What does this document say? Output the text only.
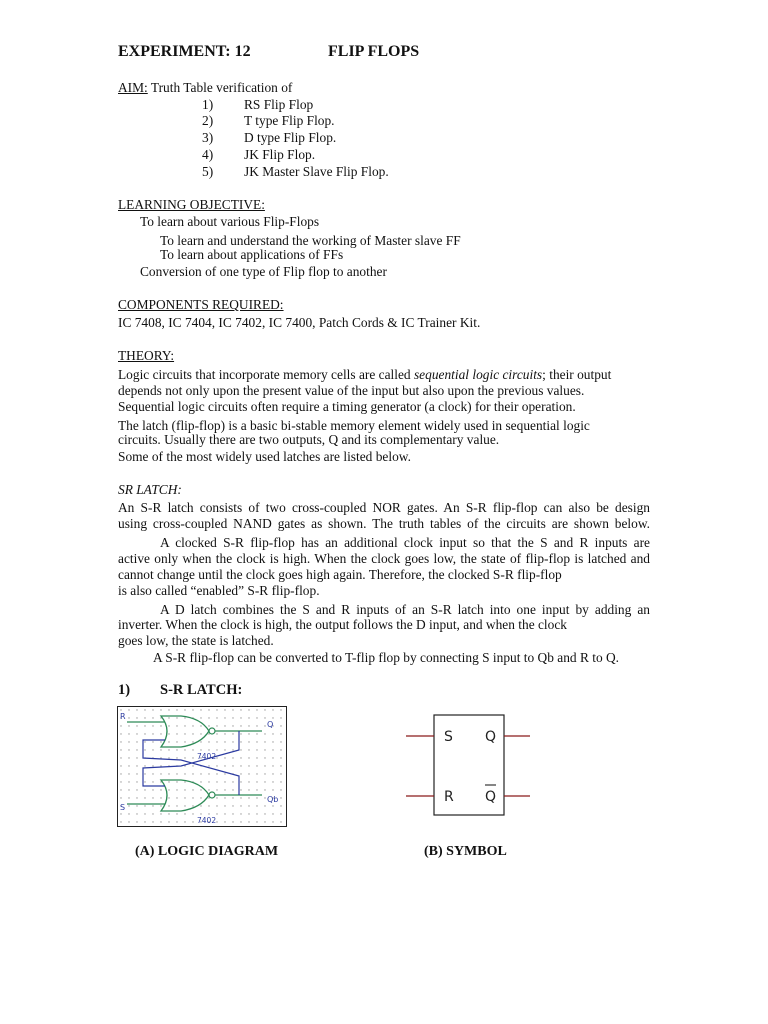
EXPERIMENT: 12	FLIP FLOPS
AIM: Truth Table verification of
1) RS Flip Flop
2) T type Flip Flop.
3) D type Flip Flop.
4) JK Flip Flop.
5) JK Master Slave Flip Flop.
LEARNING OBJECTIVE:
To learn about various Flip-Flops
To learn and understand the working of Master slave FF
To learn about applications of FFs
Conversion of one type of Flip flop to another
COMPONENTS REQUIRED:
IC 7408, IC 7404, IC 7402, IC 7400, Patch Cords & IC Trainer Kit.
THEORY:
Logic circuits that incorporate memory cells are called sequential logic circuits; their output
depends not only upon the present value of the input but also upon the previous values.
Sequential logic circuits often require a timing generator (a clock) for their operation.
The latch (flip-flop) is a basic bi-stable memory element widely used in sequential logic
circuits. Usually there are two outputs, Q and its complementary value.
Some of the most widely used latches are listed below.
SR LATCH:
An S-R latch consists of two cross-coupled NOR gates. An S-R flip-flop can also be design
using cross-coupled NAND gates as shown. The truth tables of the circuits are shown below.
A clocked S-R flip-flop has an additional clock input so that the S and R inputs are
active only when the clock is high. When the clock goes low, the state of flip-flop is latched and
cannot change until the clock goes high again. Therefore, the clocked S-R flip-flop
is also called “enabled” S-R flip-flop.
A D latch combines the S and R inputs of an S-R latch into one input by adding an
inverter. When the clock is high, the output follows the D input, and when the clock
goes low, the state is latched.
A S-R flip-flop can be converted to T-flip flop by connecting S input to Qb and R to Q.
1) S-R LATCH:
R
S
Q
Qb
7402
7402
S Q
R Q
(A) LOGIC DIAGRAM	(B) SYMBOL
